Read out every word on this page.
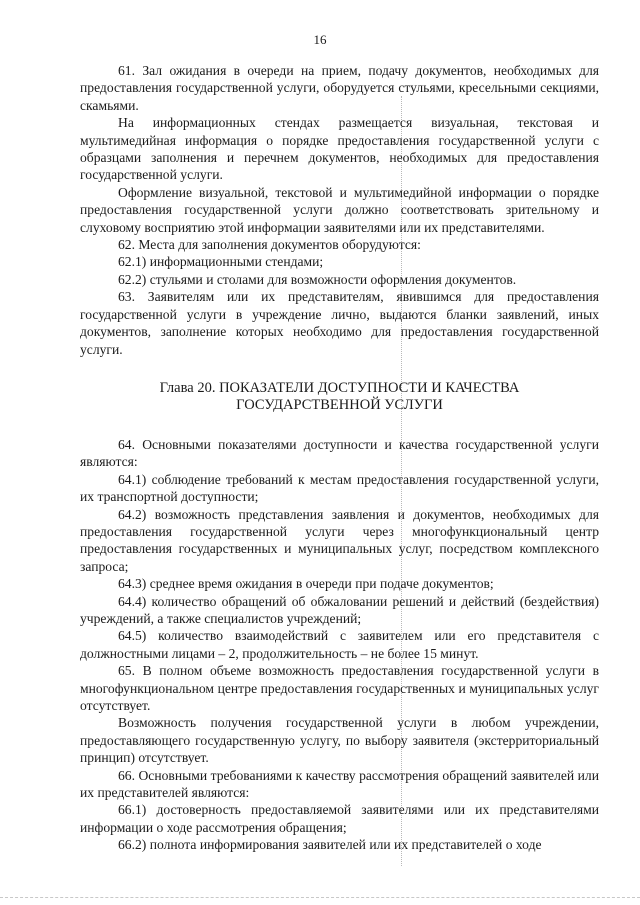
16

61. Зал ожидания в очереди на прием, подачу документов, необходимых для предоставления государственной услуги, оборудуется стульями, кресельными секциями, скамьями.

На информационных стендах размещается визуальная, текстовая и мультимедийная информация о порядке предоставления государственной услуги с образцами заполнения и перечнем документов, необходимых для предоставления государственной услуги.

Оформление визуальной, текстовой и мультимедийной информации о порядке предоставления государственной услуги должно соответствовать зрительному и слуховому восприятию этой информации заявителями или их представителями.

62. Места для заполнения документов оборудуются:

62.1) информационными стендами;

62.2) стульями и столами для возможности оформления документов.

63. Заявителям или их представителям, явившимся для предоставления государственной услуги в учреждение лично, выдаются бланки заявлений, иных документов, заполнение которых необходимо для предоставления государственной услуги.

Глава 20. ПОКАЗАТЕЛИ ДОСТУПНОСТИ И КАЧЕСТВА
ГОСУДАРСТВЕННОЙ УСЛУГИ

64. Основными показателями доступности и качества государственной услуги являются:

64.1) соблюдение требований к местам предоставления государственной услуги, их транспортной доступности;

64.2) возможность представления заявления и документов, необходимых для предоставления государственной услуги через многофункциональный центр предоставления государственных и муниципальных услуг, посредством комплексного запроса;

64.3) среднее время ожидания в очереди при подаче документов;

64.4) количество обращений об обжаловании решений и действий (бездействия) учреждений, а также специалистов учреждений;

64.5) количество взаимодействий с заявителем или его представителя с должностными лицами – 2, продолжительность – не более 15 минут.

65. В полном объеме возможность предоставления государственной услуги в многофункциональном центре предоставления государственных и муниципальных услуг отсутствует.

Возможность получения государственной услуги в любом учреждении, предоставляющего государственную услугу, по выбору заявителя (экстерриториальный принцип) отсутствует.

66. Основными требованиями к качеству рассмотрения обращений заявителей или их представителей являются:

66.1) достоверность предоставляемой заявителями или их представителями информации о ходе рассмотрения обращения;

66.2) полнота информирования заявителей или их представителей о ходе
